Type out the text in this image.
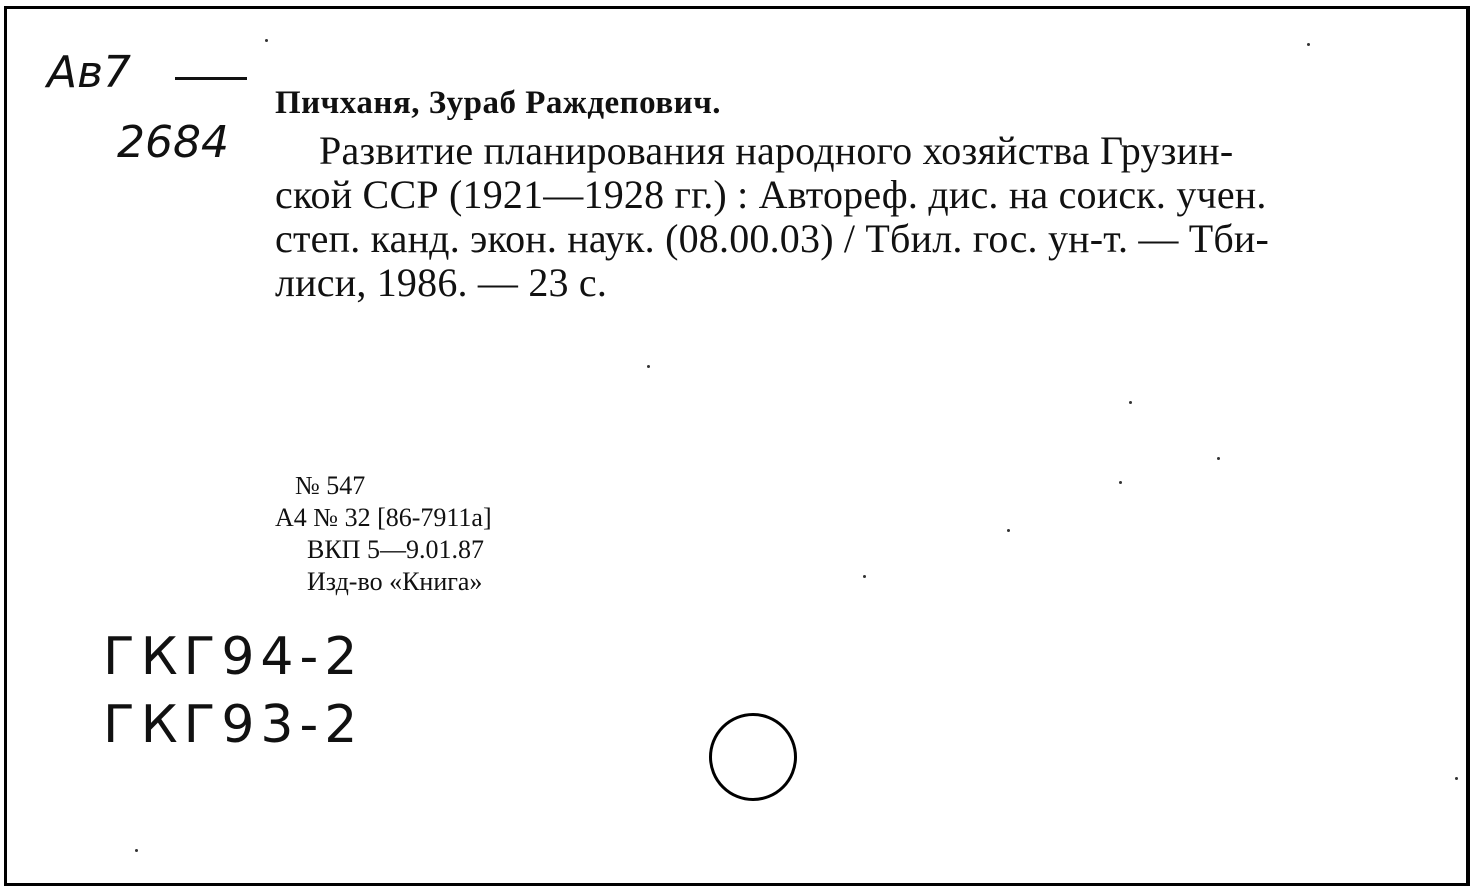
Ав7
2684
Пичханя, Зураб Раждепович.
Развитие планирования народного хозяйства Грузин-
ской ССР (1921—1928 гг.) : Автореф. дис. на соиск. учен.
степ. канд. экон. наук. (08.00.03) / Тбил. гос. ун-т. — Тби-
лиси, 1986. — 23 с.
№ 547
А4 № 32 [86-7911а]
ВКП 5—9.01.87
Изд-во «Книга»
ГКГ94-2
ГКГ93-2
